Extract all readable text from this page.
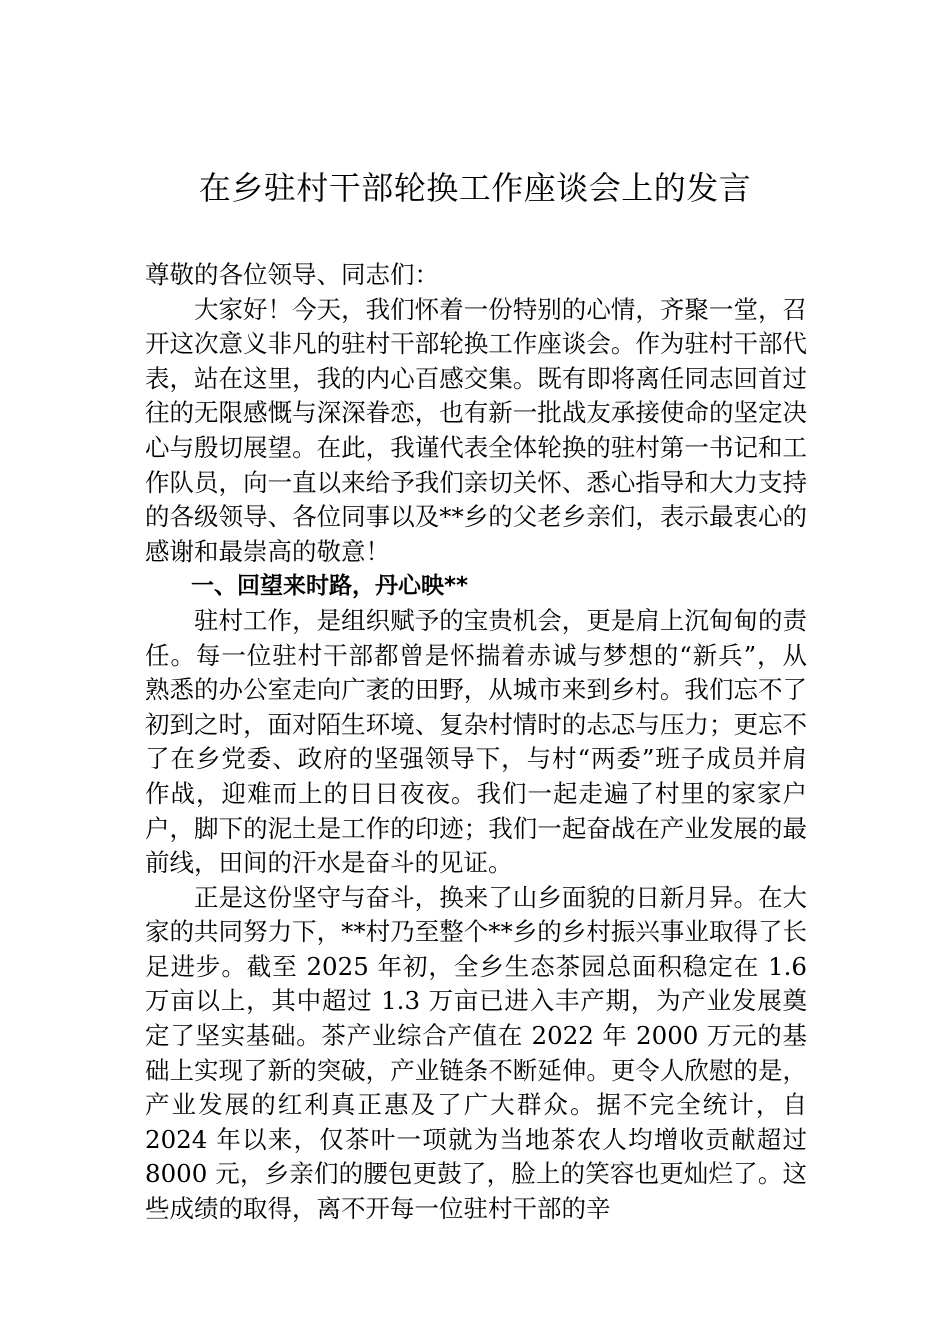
在乡驻村干部轮换工作座谈会上的发言

尊敬的各位领导、同志们：

大家好！今天，我们怀着一份特别的心情，齐聚一堂，召开这次意义非凡的驻村干部轮换工作座谈会。作为驻村干部代表，站在这里，我的内心百感交集。既有即将离任同志回首过往的无限感慨与深深眷恋，也有新一批战友承接使命的坚定决心与殷切展望。在此，我谨代表全体轮换的驻村第一书记和工作队员，向一直以来给予我们亲切关怀、悉心指导和大力支持的各级领导、各位同事以及**乡的父老乡亲们，表示最衷心的感谢和最崇高的敬意！

一、回望来时路，丹心映**

驻村工作，是组织赋予的宝贵机会，更是肩上沉甸甸的责任。每一位驻村干部都曾是怀揣着赤诚与梦想的“新兵”，从熟悉的办公室走向广袤的田野，从城市来到乡村。我们忘不了初到之时，面对陌生环境、复杂村情时的忐忑与压力；更忘不了在乡党委、政府的坚强领导下，与村“两委”班子成员并肩作战，迎难而上的日日夜夜。我们一起走遍了村里的家家户户，脚下的泥土是工作的印迹；我们一起奋战在产业发展的最前线，田间的汗水是奋斗的见证。

正是这份坚守与奋斗，换来了山乡面貌的日新月异。在大家的共同努力下，**村乃至整个**乡的乡村振兴事业取得了长足进步。截至 2025 年初，全乡生态茶园总面积稳定在 1.6 万亩以上，其中超过 1.3 万亩已进入丰产期，为产业发展奠定了坚实基础。茶产业综合产值在 2022 年 2000 万元的基础上实现了新的突破，产业链条不断延伸。更令人欣慰的是，产业发展的红利真正惠及了广大群众。据不完全统计，自 2024 年以来，仅茶叶一项就为当地茶农人均增收贡献超过 8000 元，乡亲们的腰包更鼓了，脸上的笑容也更灿烂了。这些成绩的取得，离不开每一位驻村干部的辛
